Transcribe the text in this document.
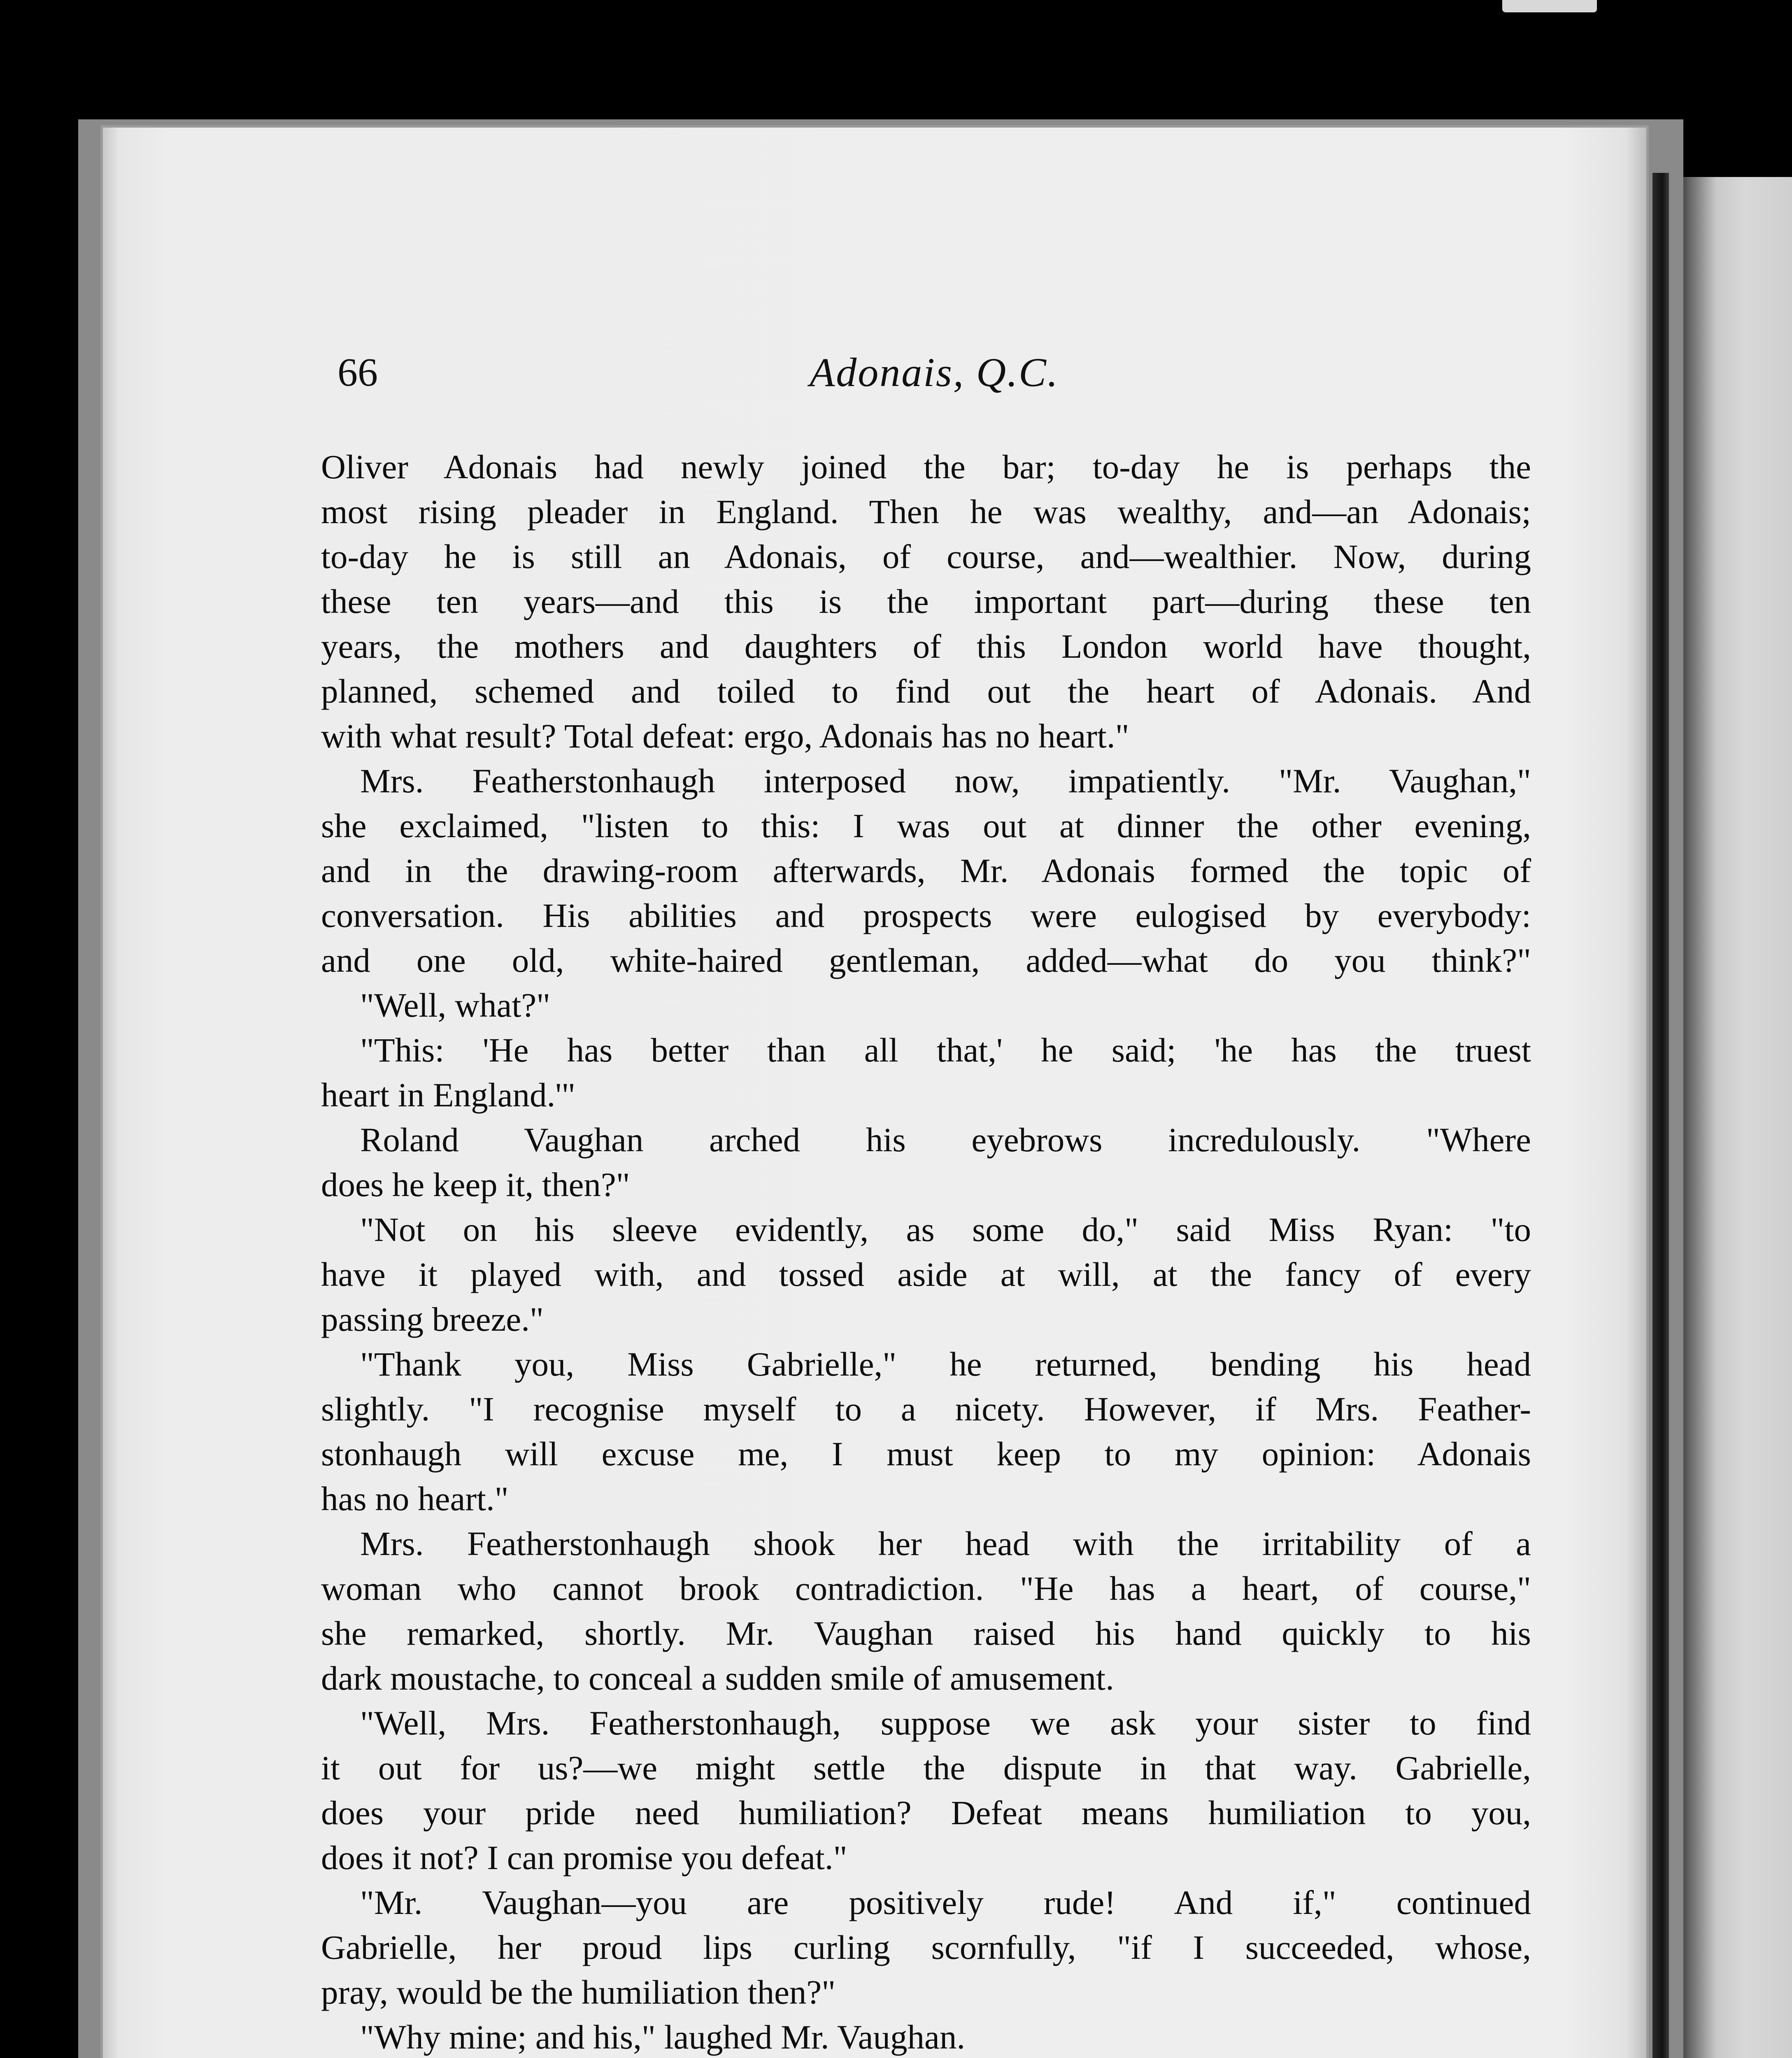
Adonais, Q.C.
66

Oliver Adonais had newly joined the bar; to-day he is perhaps the

most rising pleader in England. Then he was wealthy, and—an Adonais;

to-day he is still an Adonais, of course, and—wealthier. Now, during

these ten years—and this is the important part—during these ten

years, the mothers and daughters of this London world have thought,

planned, schemed and toiled to find out the heart of Adonais. And

with what result? Total defeat: ergo, Adonais has no heart."

Mrs. Featherstonhaugh interposed now, impatiently. "Mr. Vaughan,"

she exclaimed, "listen to this: I was out at dinner the other evening,

and in the drawing-room afterwards, Mr. Adonais formed the topic of

conversation. His abilities and prospects were eulogised by everybody:

and one old, white-haired gentleman, added—what do you think?"

"Well, what?"

"This: 'He has better than all that,' he said; 'he has the truest

heart in England.'"

Roland Vaughan arched his eyebrows incredulously. "Where

does he keep it, then?"

"Not on his sleeve evidently, as some do," said Miss Ryan: "to

have it played with, and tossed aside at will, at the fancy of every

passing breeze."

"Thank you, Miss Gabrielle," he returned, bending his head

slightly. "I recognise myself to a nicety. However, if Mrs. Feather-

stonhaugh will excuse me, I must keep to my opinion: Adonais

has no heart."

Mrs. Featherstonhaugh shook her head with the irritability of a

woman who cannot brook contradiction. "He has a heart, of course,"

she remarked, shortly. Mr. Vaughan raised his hand quickly to his

dark moustache, to conceal a sudden smile of amusement.

"Well, Mrs. Featherstonhaugh, suppose we ask your sister to find

it out for us?—we might settle the dispute in that way. Gabrielle,

does your pride need humiliation? Defeat means humiliation to you,

does it not? I can promise you defeat."

"Mr. Vaughan—you are positively rude! And if," continued

Gabrielle, her proud lips curling scornfully, "if I succeeded, whose,

pray, would be the humiliation then?"

"Why mine; and his," laughed Mr. Vaughan.
